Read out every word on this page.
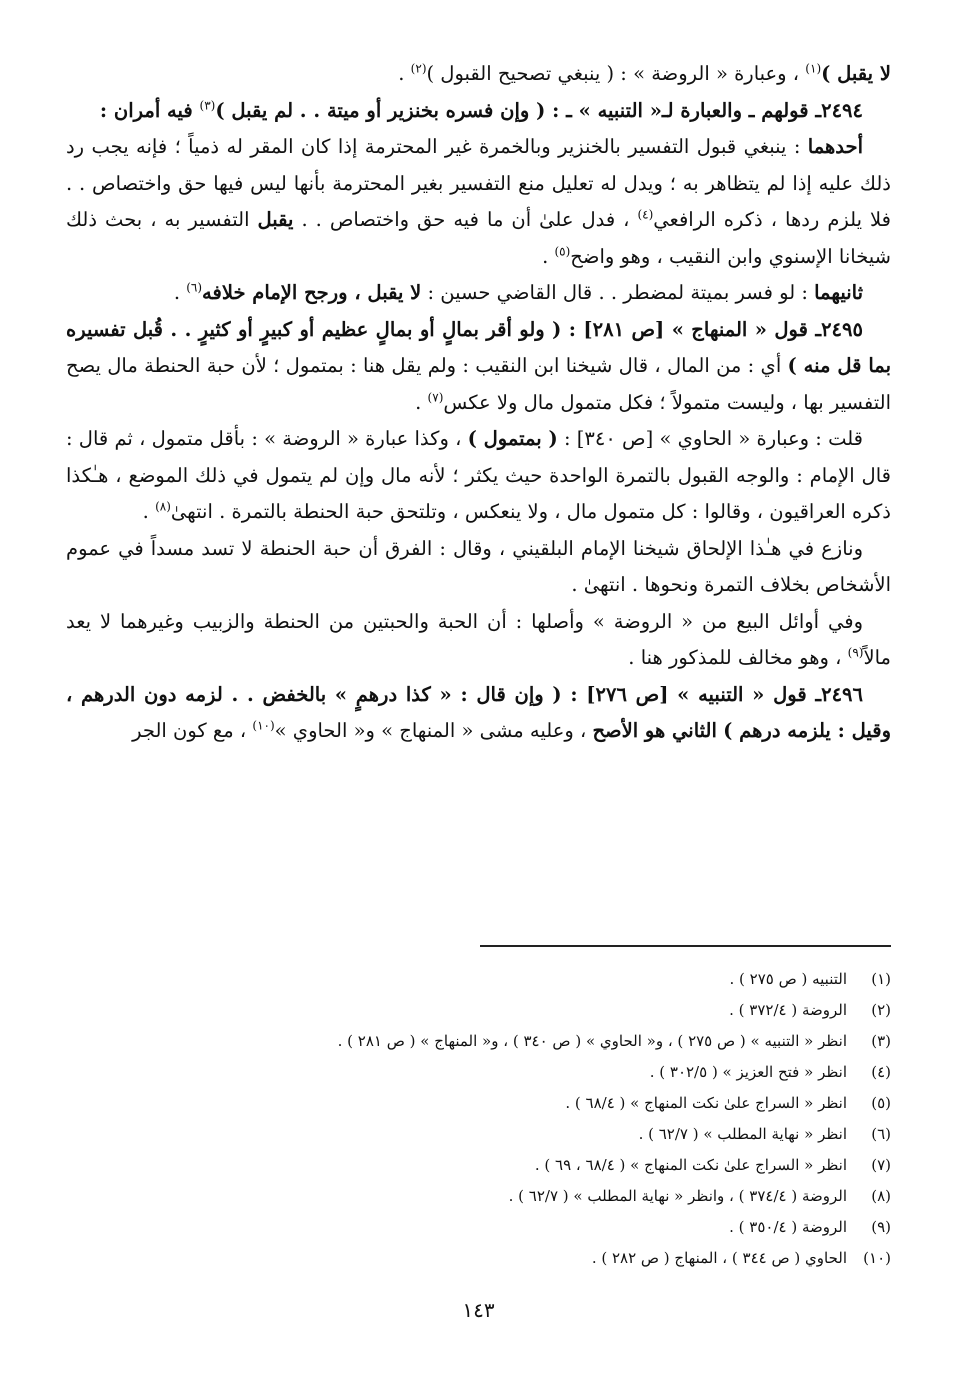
لا يقبل )$^{(١)}$ ، وعبارة « الروضة » : ( ينبغي تصحيح القبول )$^{(٢)}$ .

٢٤٩٤ـ قولهم ـ والعبارة لـ« التنبيه » ـ : ( وإن فسره بخنزير أو ميتة . . لم يقبل )$^{(٣)}$ فيه أمران :

أحدهما : ينبغي قبول التفسير بالخنزير وبالخمرة غير المحترمة إذا كان المقر له ذمياً ؛ فإنه يجب رد ذلك عليه إذا لم يتظاهر به ؛ ويدل له تعليل منع التفسير بغير المحترمة بأنها ليس فيها حق واختصاص . . فلا يلزم ردها ، ذكره الرافعي$^{(٤)}$ ، فدل علىٰ أن ما فيه حق واختصاص . . يقبل التفسير به ، بحث ذلك شيخانا الإسنوي وابن النقيب ، وهو واضح$^{(٥)}$ .

ثانيهما : لو فسر بميتة لمضطر . . قال القاضي حسين : لا يقبل ، ورجح الإمام خلافه$^{(٦)}$ .

٢٤٩٥ـ قول « المنهاج » [ص ٢٨١] : ( ولو أقر بمالٍ أو بمالٍ عظيم أو كبيرٍ أو كثيرٍ . . قُبل تفسيره بما قل منه ) أي : من المال ، قال شيخنا ابن النقيب : ولم يقل هنا : بمتمول ؛ لأن حبة الحنطة مال يصح التفسير بها ، وليست متمولاً ؛ فكل متمول مال ولا عكس$^{(٧)}$ .

قلت : وعبارة « الحاوي » [ص ٣٤٠] : ( بمتمول ) ، وكذا عبارة « الروضة » : بأقل متمول ، ثم قال : قال الإمام : والوجه القبول بالتمرة الواحدة حيث يكثر ؛ لأنه مال وإن لم يتمول في ذلك الموضع ، هـٰكذا ذكره العراقيون ، وقالوا : كل متمول مال ، ولا ينعكس ، وتلتحق حبة الحنطة بالتمرة . انتهىٰ$^{(٨)}$ .

ونازع في هـٰذا الإلحاق شيخنا الإمام البلقيني ، وقال : الفرق أن حبة الحنطة لا تسد مسداً في عموم الأشخاص بخلاف التمرة ونحوها . انتهىٰ .

وفي أوائل البيع من « الروضة » وأصلها : أن الحبة والحبتين من الحنطة والزبيب وغيرهما لا يعد مالاً$^{(٩)}$ ، وهو مخالف للمذكور هنا .

٢٤٩٦ـ قول « التنبيه » [ص ٢٧٦] : ( وإن قال : « كذا درهمٍ » بالخفض . . لزمه دون الدرهم ، وقيل : يلزمه درهم ) الثاني هو الأصح ، وعليه مشى « المنهاج » و« الحاوي »$^{(١٠)}$ ، مع كون الجر

(١)
التنبيه ( ص ٢٧٥ ) .
(٢)
الروضة ( ٣٧٢/٤ ) .
(٣)
انظر « التنبيه » ( ص ٢٧٥ ) ، و« الحاوي » ( ص ٣٤٠ ) ، و« المنهاج » ( ص ٢٨١ ) .
(٤)
انظر « فتح العزيز » ( ٣٠٢/٥ ) .
(٥)
انظر « السراج علىٰ نكت المنهاج » ( ٦٨/٤ ) .
(٦)
انظر « نهاية المطلب » ( ٦٢/٧ ) .
(٧)
انظر « السراج علىٰ نكت المنهاج » ( ٦٨/٤ ، ٦٩ ) .
(٨)
الروضة ( ٣٧٤/٤ ) ، وانظر « نهاية المطلب » ( ٦٢/٧ ) .
(٩)
الروضة ( ٣٥٠/٤ ) .
(١٠)
الحاوي ( ص ٣٤٤ ) ، المنهاج ( ص ٢٨٢ ) .
١٤٣
